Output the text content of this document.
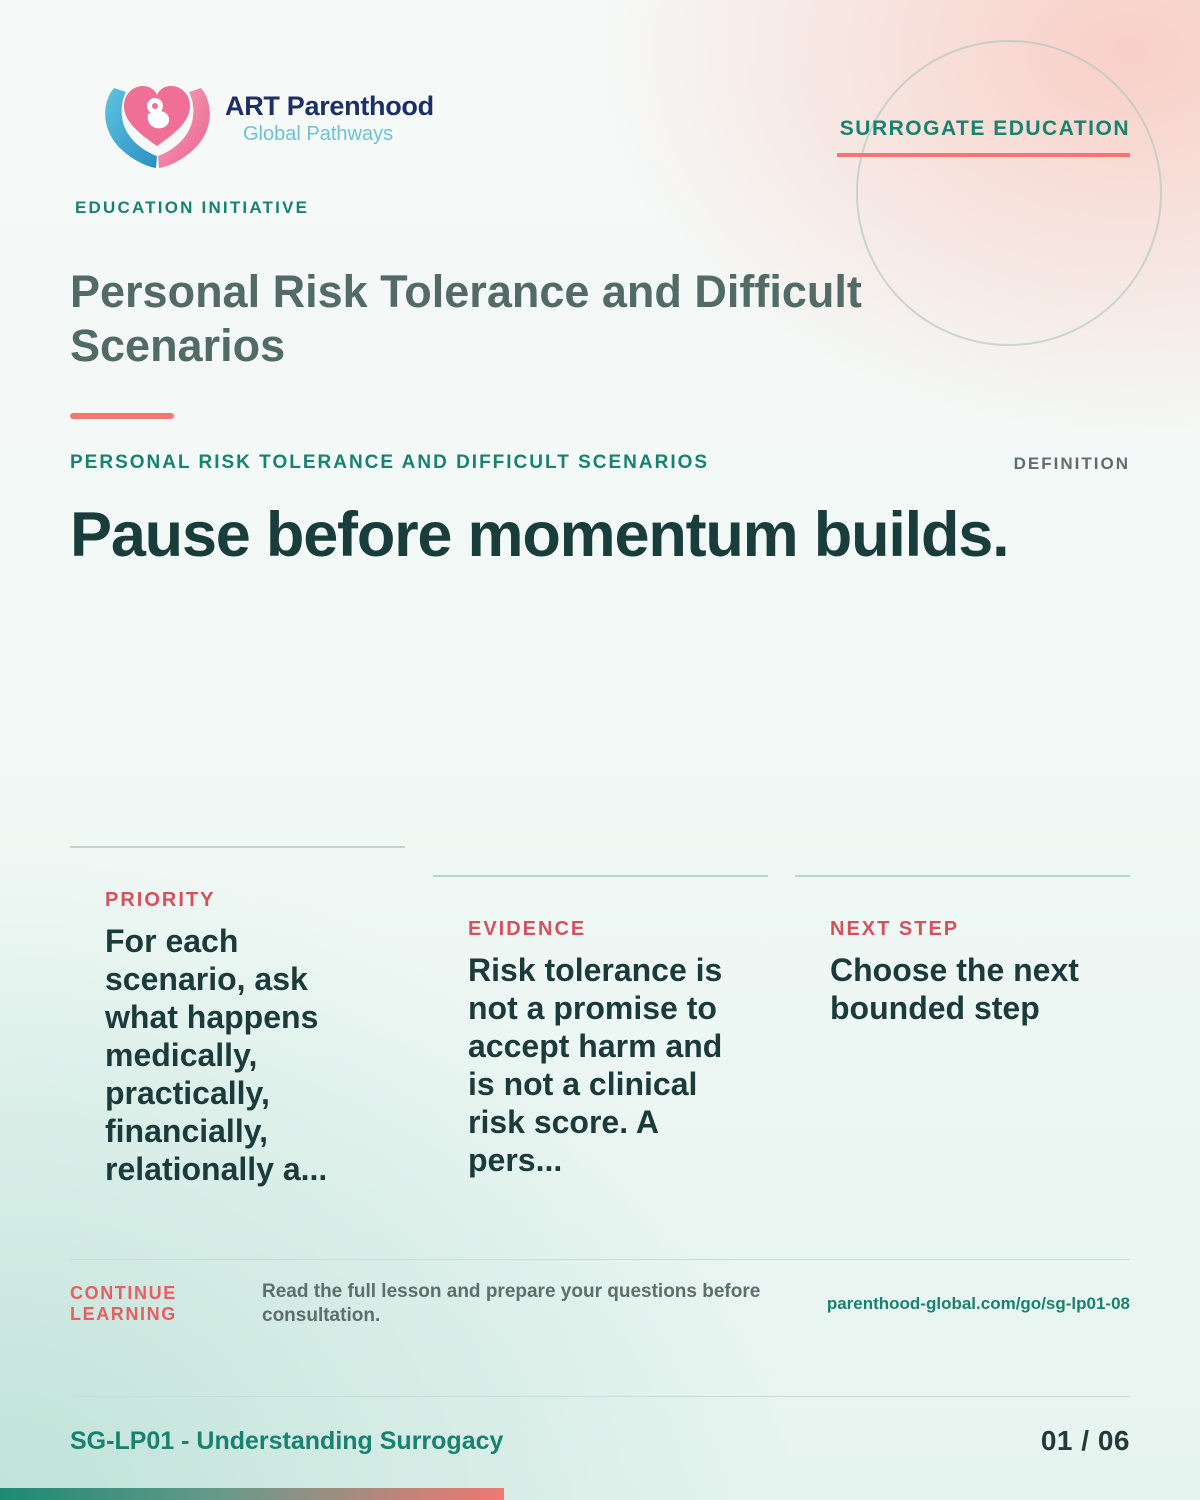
ART Parenthood
Global Pathways
EDUCATION INITIATIVE
SURROGATE EDUCATION
Personal Risk Tolerance and Difficult Scenarios
PERSONAL RISK TOLERANCE AND DIFFICULT SCENARIOS	DEFINITION
Pause before momentum builds.
PRIORITY
For each scenario, ask what happens medically, practically, financially, relationally a...
EVIDENCE
Risk tolerance is not a promise to accept harm and is not a clinical risk score. A pers...
NEXT STEP
Choose the next bounded step
CONTINUE LEARNING
Read the full lesson and prepare your questions before consultation.
parenthood-global.com/go/sg-lp01-08
SG-LP01 - Understanding Surrogacy	01 / 06
